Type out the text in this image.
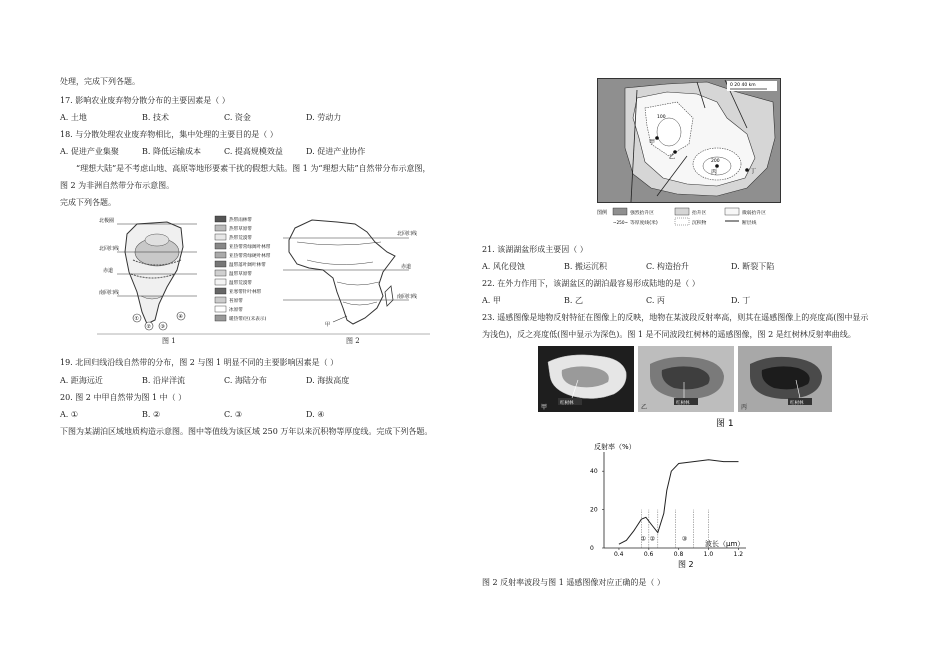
处理，完成下列各题。
17. 影响农业废弃物分散分布的主要因素是（ ）
A. 土地	B. 技术	C. 资金	D. 劳动力
18. 与分散处理农业废弃物相比，集中处理的主要目的是（ ）
A. 促进产业集聚	B. 降低运输成本	C. 提高规模效益	D. 促进产业协作
“理想大陆”是不考虑山地、高原等地形要素干扰的假想大陆。图 1 为“理想大陆”自然带分布示意图，
图 2 为非洲自然带分布示意图。
完成下列各题。
北极圈
北回归线
赤道
南回归线
①
② ③
④
热带雨林带
热带草原带
热带荒漠带
亚热带常绿阔叶林带
亚热带常绿硬叶林带
温带落叶阔叶林带
温带草原带
温带荒漠带
亚寒带针叶林带
苔原带
冰原带
暖热带/区(未表示)
北回归线
赤道
南回归线
甲
图 1	图 2
19. 北回归线沿线自然带的分布，图 2 与图 1 明显不同的主要影响因素是（ ）
A. 距海远近	B. 沿岸洋流	C. 海陆分布	D. 海拔高度
20. 图 2 中甲自然带为图 1 中（ ）
A. ①	B. ②	C. ③	D. ④
下图为某湖泊区域地质构造示意图。图中等值线为该区域 250 万年以来沉积物等厚度线。完成下列各题。
甲
乙
丙	丁
100
200
0 20 40 km
图例	强烈抬升区	抬升区	微弱抬升区
~250~ 等厚度线(米)	沉积物	断层线
21. 该湖湖盆形成主要因（ ）
A. 风化侵蚀	B. 搬运沉积	C. 构造抬升	D. 断裂下陷
22. 在外力作用下，该湖盆区的湖泊最容易形成陆地的是（ ）
A. 甲	B. 乙	C. 丙	D. 丁
23. 遥感图像是地物反射特征在图像上的反映，地物在某波段反射率高，则其在遥感图像上的亮度高(图中显示
为浅色)，反之亮度低(图中显示为深色)。图 1 是不同波段红树林的遥感图像，图 2 是红树林反射率曲线。
红树林
甲
红树林
乙
红树林
丙
图 1
反射率（%）
0
20
40
0.4	0.6	0.8	1.0	1.2
① ②	③
波长（μm）
图 2
图 2 反射率波段与图 1 遥感图像对应正确的是（ ）
